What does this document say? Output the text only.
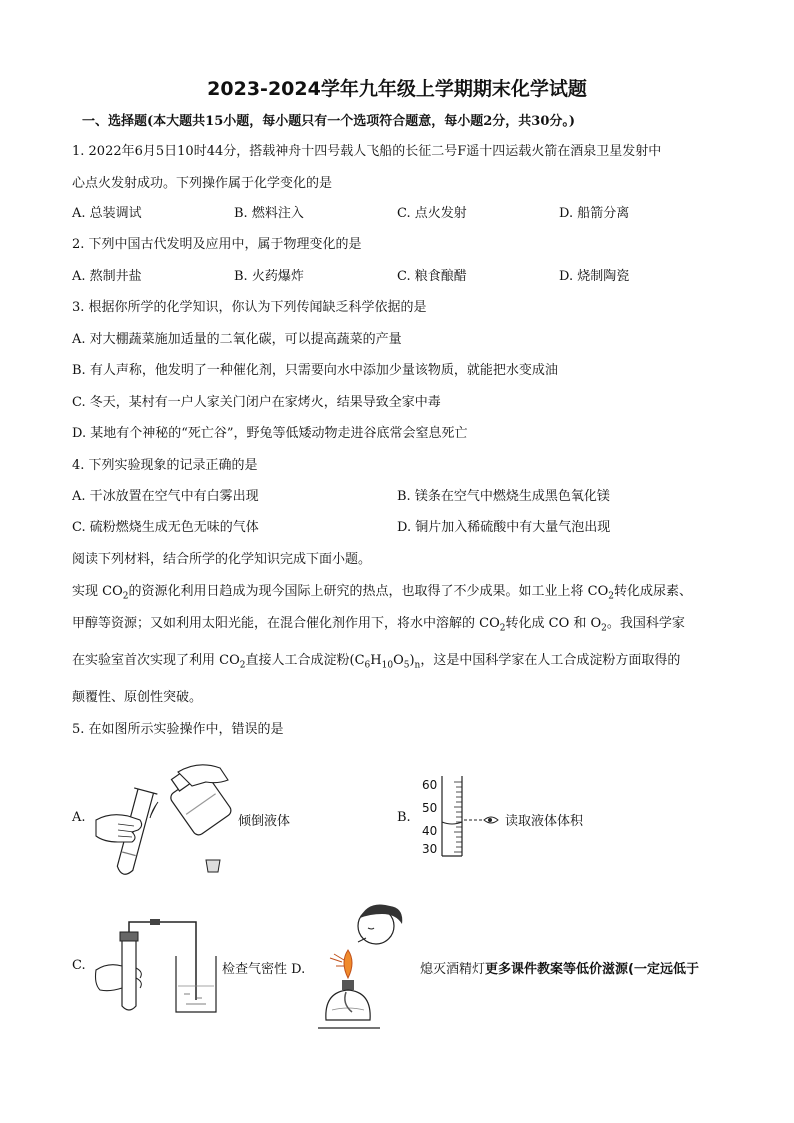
2023-2024学年九年级上学期期末化学试题
一、选择题(本大题共15小题，每小题只有一个选项符合题意，每小题2分，共30分。)
1. 2022年6月5日10时44分，搭载神舟十四号载人飞船的长征二号F遥十四运载火箭在酒泉卫星发射中
心点火发射成功。下列操作属于化学变化的是
A. 总装调试	B. 燃料注入	C. 点火发射	D. 船箭分离
2. 下列中国古代发明及应用中，属于物理变化的是
A. 熬制井盐	B. 火药爆炸	C. 粮食酿醋	D. 烧制陶瓷
3. 根据你所学的化学知识，你认为下列传闻缺乏科学依据的是
A. 对大棚蔬菜施加适量的二氧化碳，可以提高蔬菜的产量
B. 有人声称，他发明了一种催化剂，只需要向水中添加少量该物质，就能把水变成油
C. 冬天，某村有一户人家关门闭户在家烤火，结果导致全家中毒
D. 某地有个神秘的“死亡谷”，野兔等低矮动物走进谷底常会窒息死亡
4. 下列实验现象的记录正确的是
A. 干冰放置在空气中有白雾出现	B. 镁条在空气中燃烧生成黑色氧化镁
C. 硫粉燃烧生成无色无味的气体	D. 铜片加入稀硫酸中有大量气泡出现
阅读下列材料，结合所学的化学知识完成下面小题。
实现 $CO_2$的资源化利用日趋成为现今国际上研究的热点，也取得了不少成果。如工业上将 $CO_2$转化成尿素、
甲醇等资源；又如利用太阳光能，在混合催化剂作用下，将水中溶解的 $CO_2$转化成 CO 和 $O_2$。我国科学家
在实验室首次实现了利用 $CO_2$直接人工合成淀粉$(C_6H_{10}O_5)_n$，这是中国科学家在人工合成淀粉方面取得的
颠覆性、原创性突破。
5. 在如图所示实验操作中，错误的是
A.	倾倒液体	B.
60
50
40
30
读取液体体积
C.	检查气密性 D.	熄灭酒精灯更多课件教案等低价滋源(一定远低于
